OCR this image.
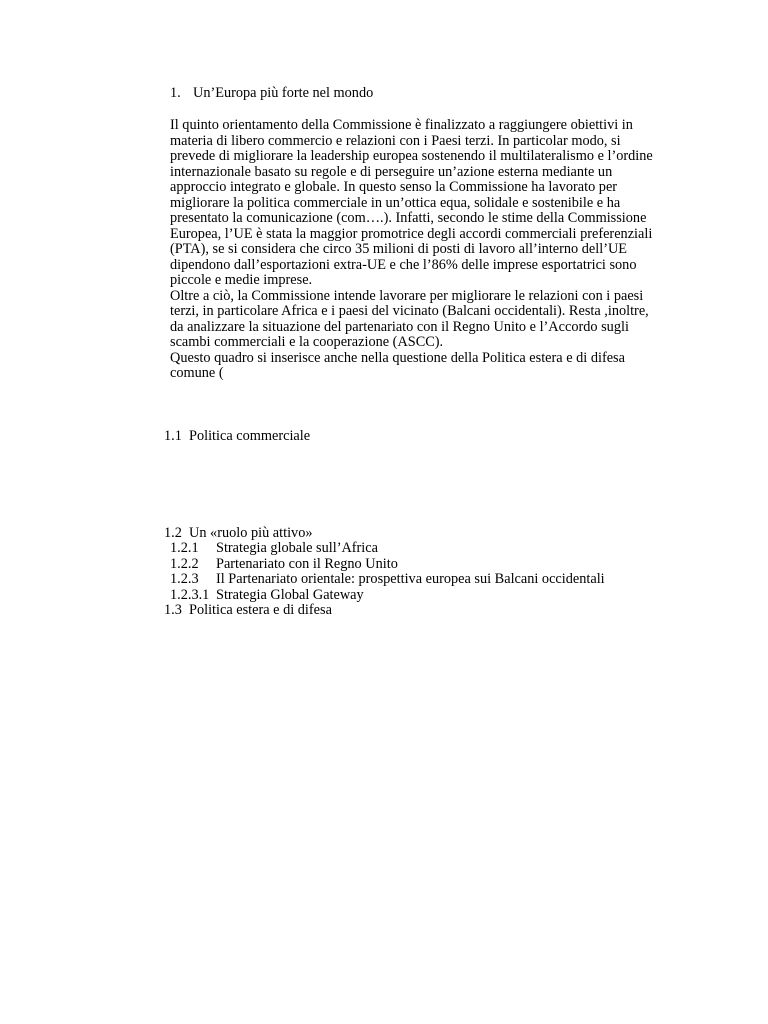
1. Un’Europa più forte nel mondo

Il quinto orientamento della Commissione è finalizzato a raggiungere obiettivi in materia di libero commercio e relazioni con i Paesi terzi. In particolar modo, si prevede di migliorare la leadership europea sostenendo il multilateralismo e l’ordine internazionale basato su regole e di perseguire un’azione esterna mediante un approccio integrato e globale. In questo senso la Commissione ha lavorato per migliorare la politica commerciale in un’ottica equa, solidale e sostenibile e ha presentato la comunicazione (com….). Infatti, secondo le stime della Commissione Europea, l’UE è stata la maggior promotrice degli accordi commerciali preferenziali (PTA), se si considera che circo 35 milioni di posti di lavoro all’interno dell’UE dipendono dall’esportazioni extra-UE e che l’86% delle imprese esportatrici sono piccole e medie imprese.

Oltre a ciò, la Commissione intende lavorare per migliorare le relazioni con i paesi terzi, in particolare Africa e i paesi del vicinato (Balcani occidentali). Resta ,inoltre, da analizzare la situazione del partenariato con il Regno Unito e l’Accordo sugli scambi commerciali e la cooperazione (ASCC).

Questo quadro si inserisce anche nella questione della Politica estera e di difesa comune (

1.1 Politica commerciale
1.2 Un «ruolo più attivo»
1.2.1 Strategia globale sull’Africa
1.2.2 Partenariato con il Regno Unito
1.2.3 Il Partenariato orientale: prospettiva europea sui Balcani occidentali
1.2.3.1 Strategia Global Gateway
1.3 Politica estera e di difesa
